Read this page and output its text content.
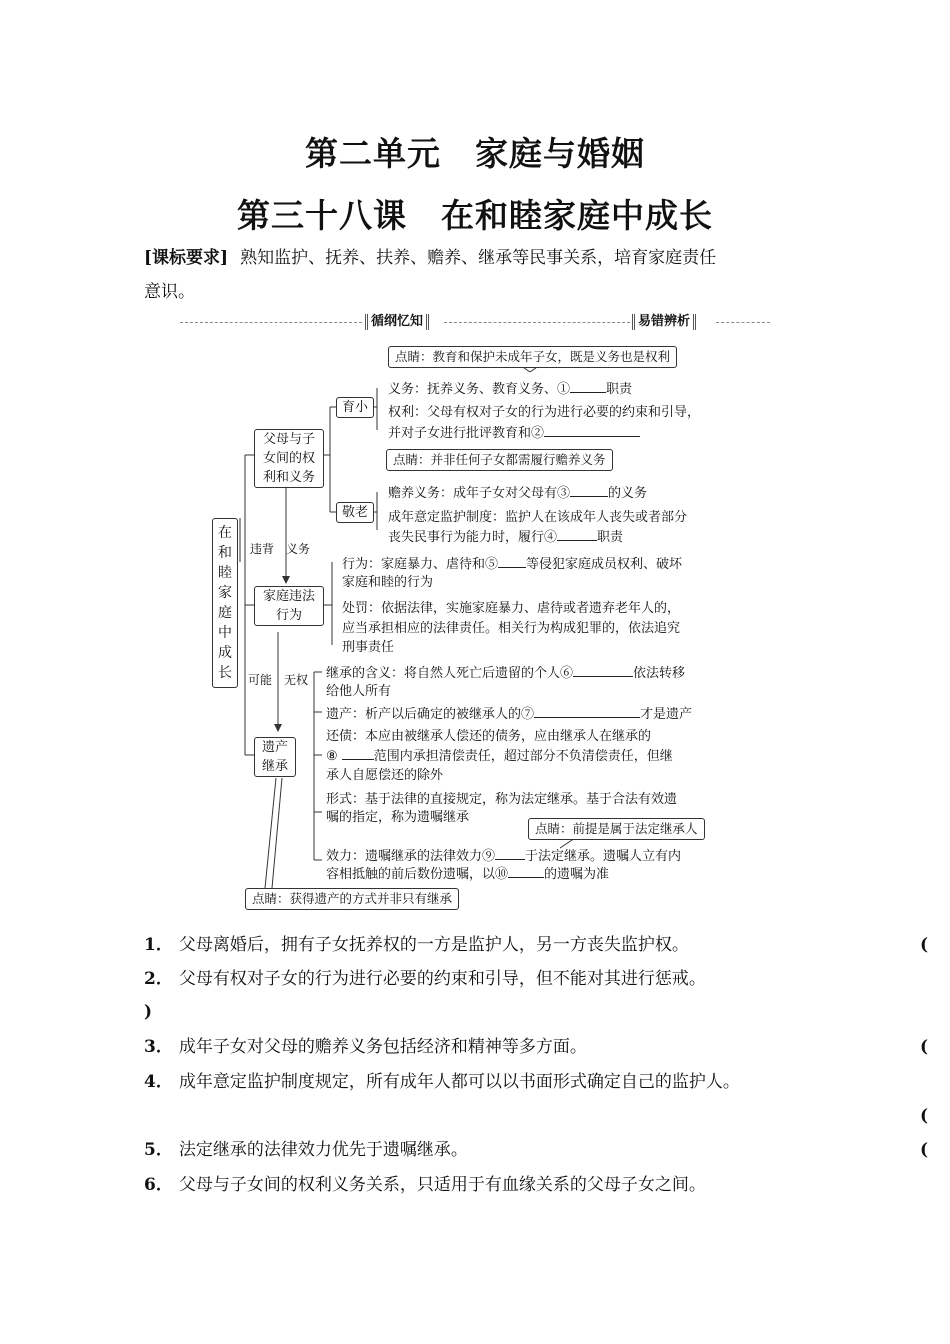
第二单元　家庭与婚姻
第三十八课　在和睦家庭中成长
[课标要求] 熟知监护、抚养、扶养、赡养、继承等民事关系，培育家庭责任
意识。
循纲忆知	易错辨析
在和睦家庭中成长
父母与子
女间的权
利和义务
育小
敬老
违背　义务
家庭违法
行为
可能　无权
遗产
继承
点睛：教育和保护未成年子女，既是义务也是权利
点睛：并非任何子女都需履行赡养义务
点睛：前提是属于法定继承人
点睛：获得遗产的方式并非只有继承
义务：抚养义务、教育义务、①	职责
权利：父母有权对子女的行为进行必要的约束和引导，
并对子女进行批评教育和②
赡养义务：成年子女对父母有③	的义务
成年意定监护制度：监护人在该成年人丧失或者部分
丧失民事行为能力时，履行④	职责
行为：家庭暴力、虐待和⑤ 等侵犯家庭成员权利、破坏
家庭和睦的行为
处罚：依据法律，实施家庭暴力、虐待或者遗弃老年人的，
应当承担相应的法律责任。相关行为构成犯罪的，依法追究
刑事责任
继承的含义：将自然人死亡后遗留的个人⑥	依法转移
给他人所有
遗产：析产以后确定的被继承人的⑦	才是遗产
还债：本应由被继承人偿还的债务，应由继承人在继承的
⑧	范围内承担清偿责任，超过部分不负清偿责任，但继
承人自愿偿还的除外
形式：基于法律的直接规定，称为法定继承。基于合法有效遗
嘱的指定，称为遗嘱继承
效力：遗嘱继承的法律效力⑨ 于法定继承。遗嘱人立有内
容相抵触的前后数份遗嘱，以⑩	的遗嘱为准
1． 父母离婚后，拥有子女抚养权的一方是监护人，另一方丧失监护权。	(
2． 父母有权对子女的行为进行必要的约束和引导，但不能对其进行惩戒。
)
3． 成年子女对父母的赡养义务包括经济和精神等多方面。	(
4． 成年意定监护制度规定，所有成年人都可以以书面形式确定自己的监护人。
(
5． 法定继承的法律效力优先于遗嘱继承。	(
6． 父母与子女间的权利义务关系，只适用于有血缘关系的父母子女之间。
